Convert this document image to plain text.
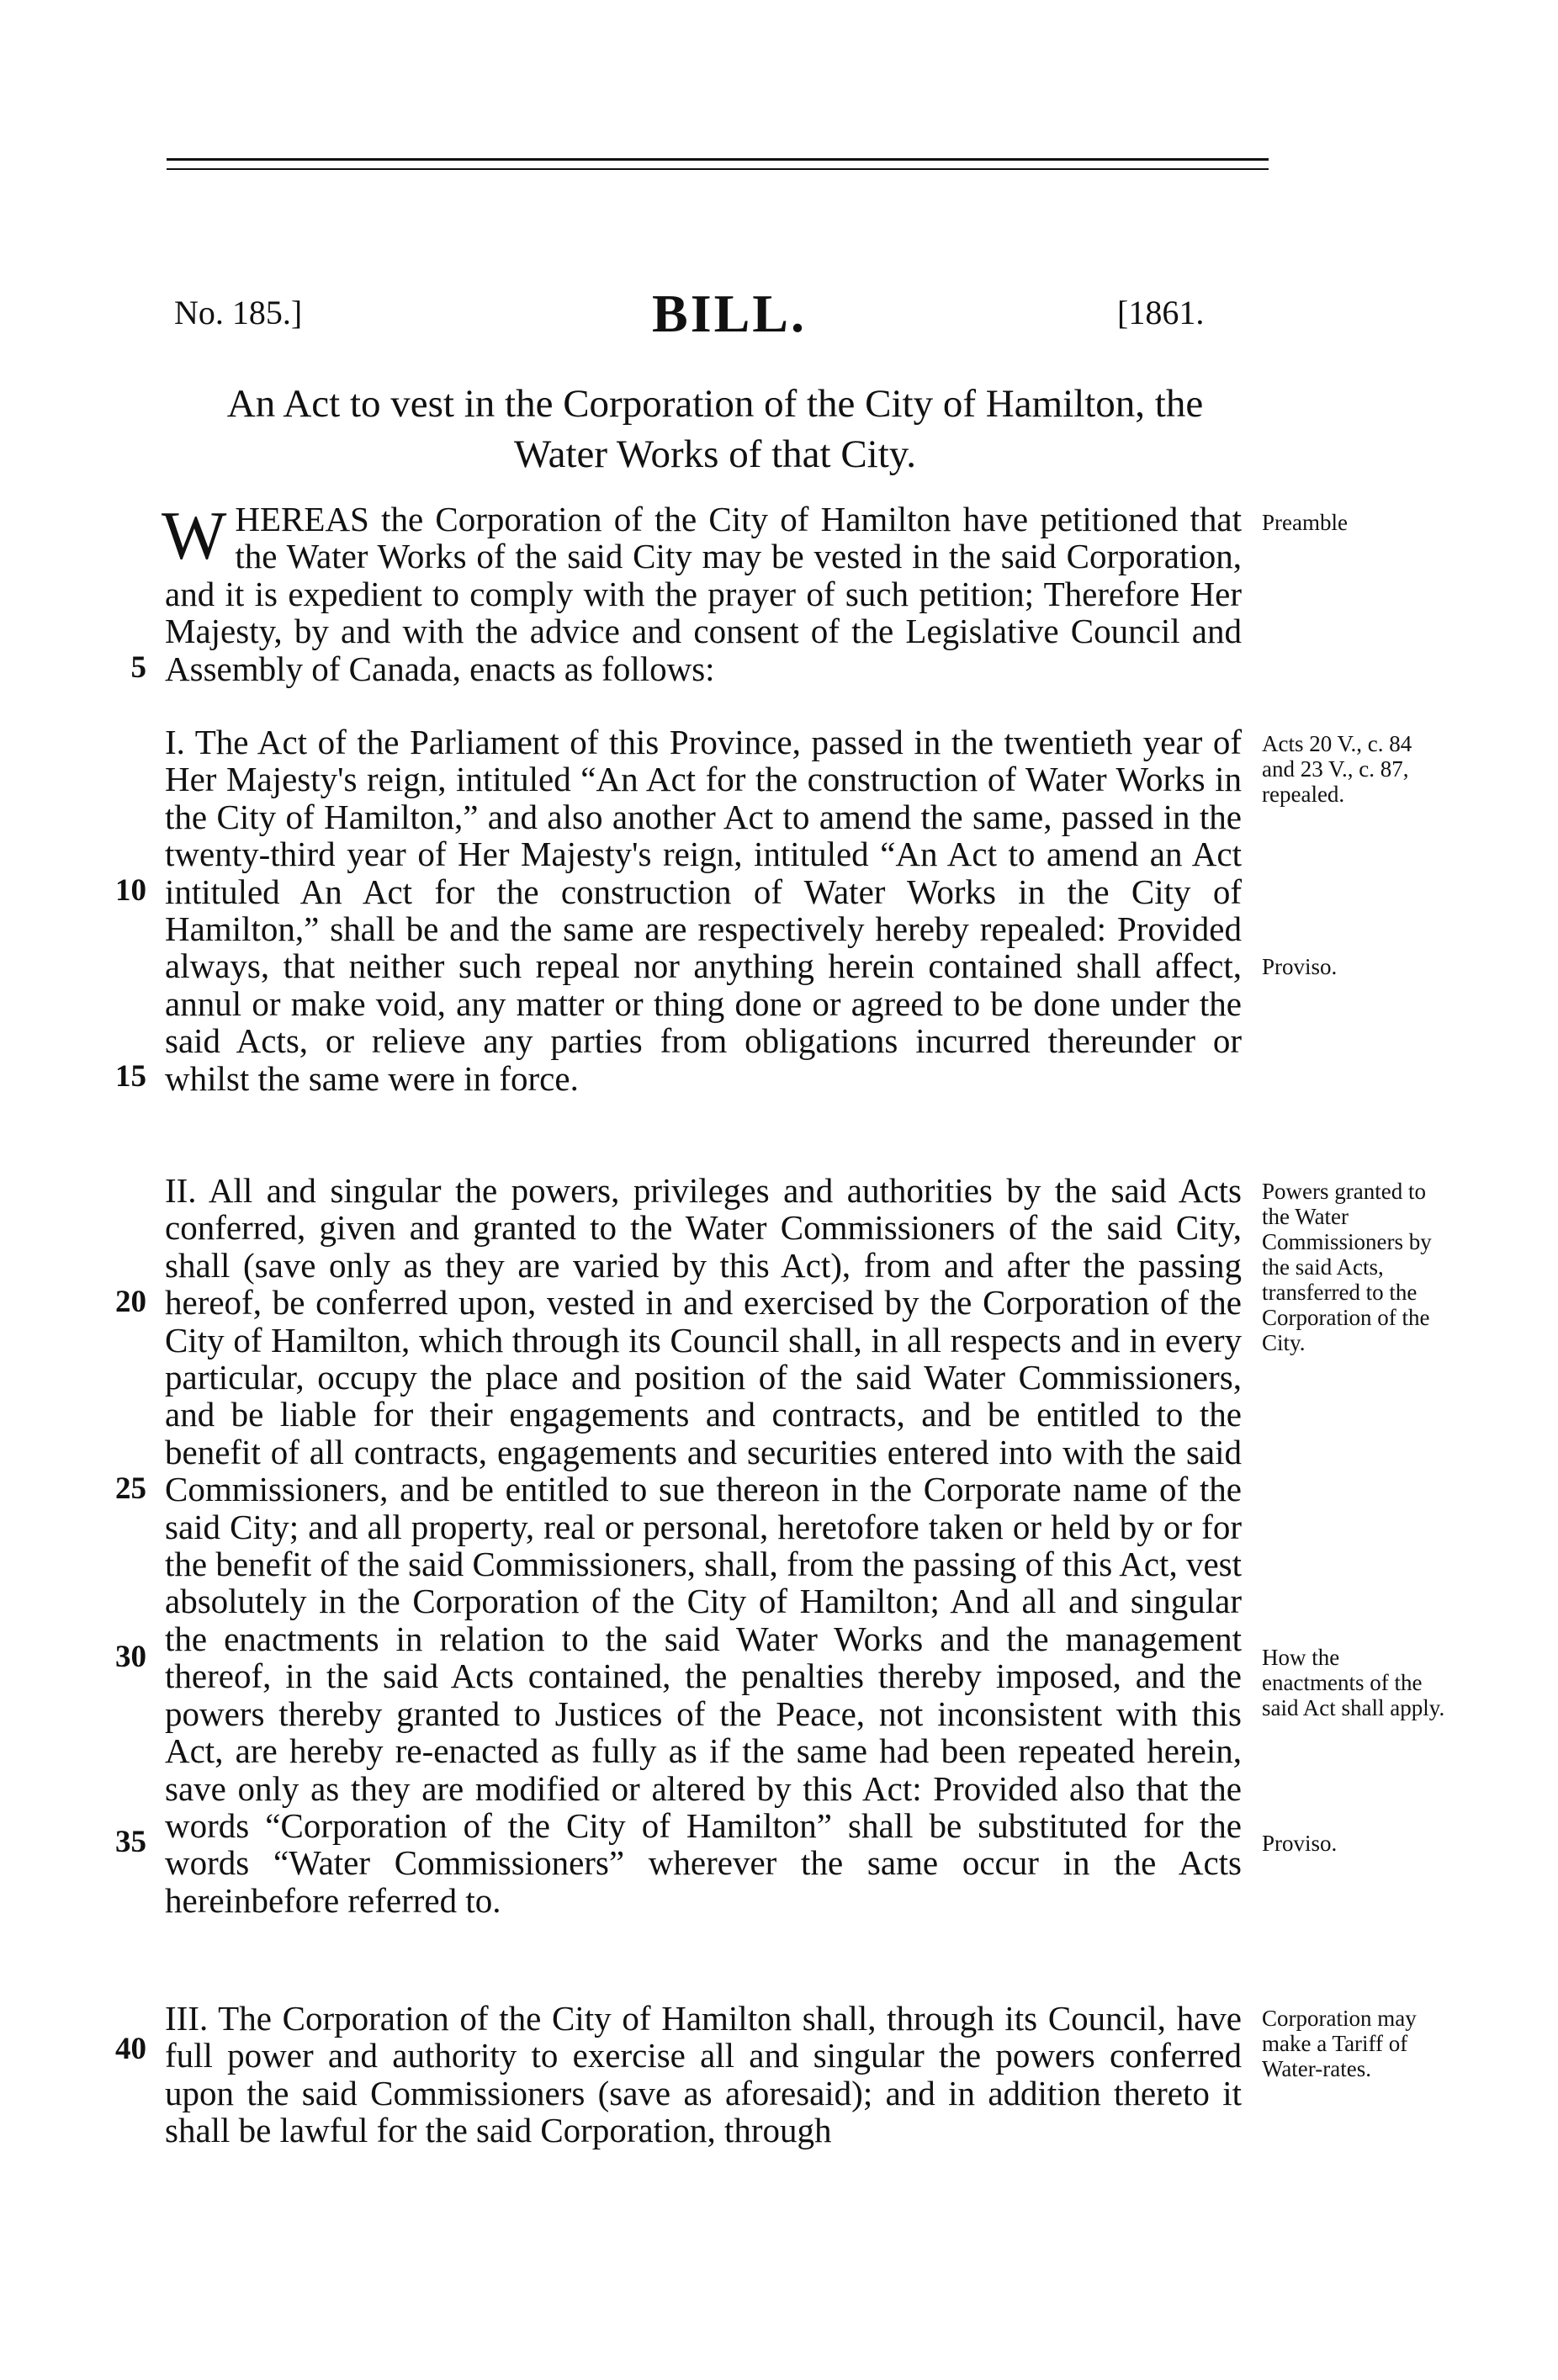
No. 185.]	BILL.	[1861.
An Act to vest in the Corporation of the City of Hamilton, the
Water Works of that City.

WHEREAS the Corporation of the City of Hamilton have petitioned that the Water Works of the said City may be vested in the said Corporation, and it is expedient to comply with the prayer of such petition; Therefore Her Majesty, by and with the advice and consent of the Legislative Council and Assembly of Canada, enacts as follows:

I. The Act of the Parliament of this Province, passed in the twentieth year of Her Majesty's reign, intituled “An Act for the construction of Water Works in the City of Hamilton,” and also another Act to amend the same, passed in the twenty-third year of Her Majesty's reign, intituled “An Act to amend an Act intituled An Act for the construction of Water Works in the City of Hamilton,” shall be and the same are respectively hereby repealed: Provided always, that neither such repeal nor anything herein contained shall affect, annul or make void, any matter or thing done or agreed to be done under the said Acts, or relieve any parties from obligations incurred thereunder or whilst the same were in force.

II. All and singular the powers, privileges and authorities by the said Acts conferred, given and granted to the Water Commissioners of the said City, shall (save only as they are varied by this Act), from and after the passing hereof, be conferred upon, vested in and exercised by the Corporation of the City of Hamilton, which through its Council shall, in all respects and in every particular, occupy the place and position of the said Water Commissioners, and be liable for their engagements and contracts, and be entitled to the benefit of all contracts, engagements and securities entered into with the said Commissioners, and be entitled to sue thereon in the Corporate name of the said City; and all property, real or personal, heretofore taken or held by or for the benefit of the said Commissioners, shall, from the passing of this Act, vest absolutely in the Corporation of the City of Hamilton; And all and singular the enactments in relation to the said Water Works and the management thereof, in the said Acts contained, the penalties thereby imposed, and the powers thereby granted to Justices of the Peace, not inconsistent with this Act, are hereby re-enacted as fully as if the same had been repeated herein, save only as they are modified or altered by this Act: Provided also that the words “Corporation of the City of Hamilton” shall be substituted for the words “Water Commissioners” wherever the same occur in the Acts hereinbefore referred to.

III. The Corporation of the City of Hamilton shall, through its Council, have full power and authority to exercise all and singular the powers conferred upon the said Commissioners (save as aforesaid); and in addition thereto it shall be lawful for the said Corporation, through

5
10
15
20
25
30
35
40
Preamble
Acts 20 V., c. 84 and 23 V., c. 87, repealed.
Proviso.
Powers granted to the Water Commissioners by the said Acts, transferred to the Corporation of the City.
How the enactments of the said Act shall apply.
Proviso.
Corporation may make a Tariff of Water-rates.
